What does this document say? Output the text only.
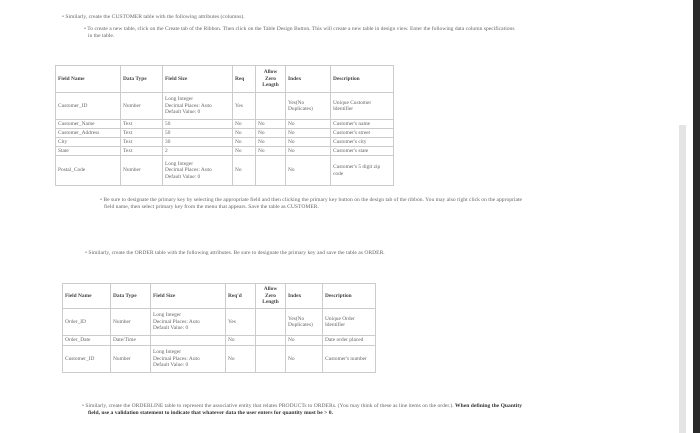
• Similarly, create the CUSTOMER table with the following attributes (columns).
• To create a new table, click on the Create tab of the Ribbon. Then click on the Table Design Button. This will create a new table in design view. Enter the following data column specifications
in the table.
Field Name	Data Type	Field Size	Req	Allow Zero Length	Index	Description
Customer_ID	Number	Long Integer
Decimal Places: Auto
Default Value: 0	Yes		Yes(No Duplicates)	Unique Customer Identifier
Customer_Name	Text	50	No	No	No	Customer's name
Customer_Address	Text	50	No	No	No	Customer's street
City	Text	30	No	No	No	Customer's city
State	Text	2	No	No	No	Customer's state
Postal_Code	Number	Long Integer
Decimal Places: Auto
Default Value: 0	No		No	Customer's 5 digit zip code
• Be sure to designate the primary key by selecting the appropriate field and then clicking the primary key button on the design tab of the ribbon. You may also right click on the appropriate
field name, then select primary key from the menu that appears. Save the table as CUSTOMER.
• Similarly, create the ORDER table with the following attributes. Be sure to designate the primary key and save the table as ORDER.
Field Name	Data Type	Field Size	Req'd	Allow Zero Length	Index	Description
Order_ID	Number	Long Integer
Decimal Places: Auto
Default Value: 0	Yes		Yes(No Duplicates)	Unique Order Identifier
Order_Date	Date/Time		No		No	Date order placed
Customer_ID	Number	Long Integer
Decimal Places: Auto
Default Value: 0	No		No	Customer's number
• Similarly, create the ORDERLINE table to represent the associative entity that relates PRODUCTs to ORDERs. (You may think of these as line items on the order.). When defining the Quantity
field, use a validation statement to indicate that whatever data the user enters for quantity must be > 0.
